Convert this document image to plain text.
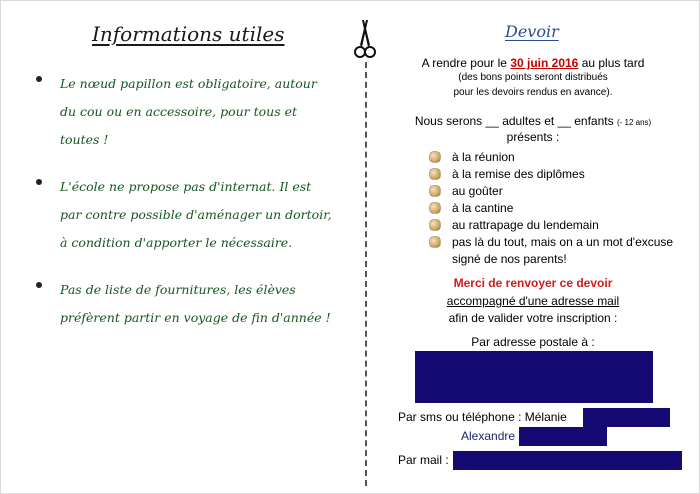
Informations utiles
Le nœud papillon est obligatoire, autour du cou ou en accessoire, pour tous et toutes !
L'école ne propose pas d'internat. Il est par contre possible d'aménager un dortoir, à condition d'apporter le nécessaire.
Pas de liste de fournitures, les élèves préfèrent partir en voyage de fin d'année !
Devoir
A rendre pour le 30 juin 2016 au plus tard
(des bons points seront distribués
pour les devoirs rendus en avance).
Nous serons __ adultes et __ enfants (- 12 ans)
présents :
à la réunion
à la remise des diplômes
au goûter
à la cantine
au rattrapage du lendemain
pas là du tout, mais on a un mot d'excuse signé de nos parents!
Merci de renvoyer ce devoir
accompagné d'une adresse mail
afin de valider votre inscription :
Par adresse postale à :
Par sms ou téléphone : Mélanie
Alexandre
Par mail :
